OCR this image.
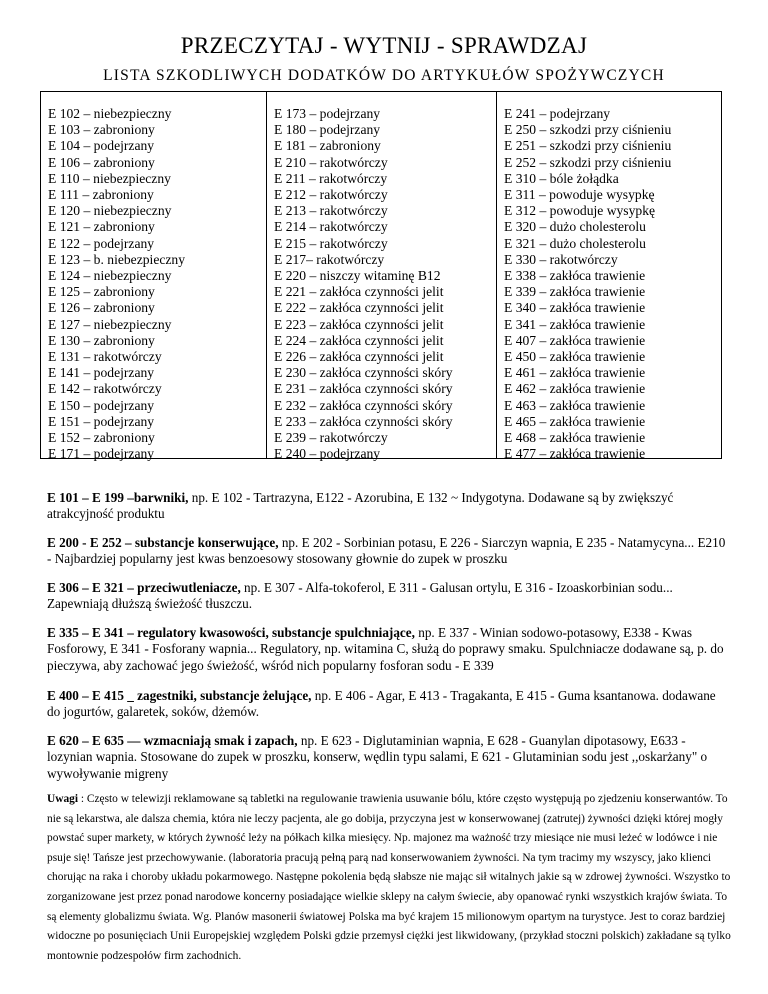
PRZECZYTAJ - WYTNIJ - SPRAWDZAJ
LISTA SZKODLIWYCH DODATKÓW DO ARTYKUŁÓW SPOŻYWCZYCH
E 102 – niebezpieczny
E 103 – zabroniony
E 104 – podejrzany
E 106 – zabroniony
E 110 – niebezpieczny
E 111 – zabroniony
E 120 – niebezpieczny
E 121 – zabroniony
E 122 – podejrzany
E 123 – b. niebezpieczny
E 124 – niebezpieczny
E 125 – zabroniony
E 126 – zabroniony
E 127 – niebezpieczny
E 130 – zabroniony
E 131 – rakotwórczy
E 141 – podejrzany
E 142 – rakotwórczy
E 150 – podejrzany
E 151 – podejrzany
E 152 – zabroniony
E 171 – podejrzany
E 173 – podejrzany
E 180 – podejrzany
E 181 – zabroniony
E 210 – rakotwórczy
E 211 – rakotwórczy
E 212 – rakotwórczy
E 213 – rakotwórczy
E 214 – rakotwórczy
E 215 – rakotwórczy
E 217– rakotwórczy
E 220 – niszczy witaminę B12
E 221 – zakłóca czynności jelit
E 222 – zakłóca czynności jelit
E 223 – zakłóca czynności jelit
E 224 – zakłóca czynności jelit
E 226 – zakłóca czynności jelit
E 230 – zakłóca czynności skóry
E 231 – zakłóca czynności skóry
E 232 – zakłóca czynności skóry
E 233 – zakłóca czynności skóry
E 239 – rakotwórczy
E 240 – podejrzany
E 241 – podejrzany
E 250 – szkodzi przy ciśnieniu
E 251 – szkodzi przy ciśnieniu
E 252 – szkodzi przy ciśnieniu
E 310 – bóle żołądka
E 311 – powoduje wysypkę
E 312 – powoduje wysypkę
E 320 – dużo cholesterolu
E 321 – dużo cholesterolu
E 330 – rakotwórczy
E 338 – zakłóca trawienie
E 339 – zakłóca trawienie
E 340 – zakłóca trawienie
E 341 – zakłóca trawienie
E 407 – zakłóca trawienie
E 450 – zakłóca trawienie
E 461 – zakłóca trawienie
E 462 – zakłóca trawienie
E 463 – zakłóca trawienie
E 465 – zakłóca trawienie
E 468 – zakłóca trawienie
E 477 – zakłóca trawienie
E 101 – E 199 –barwniki, np. E 102 - Tartrazyna, E122 - Azorubina, E 132 ~ Indygotyna. Dodawane są by zwiększyć atrakcyjność produktu
E 200 - E 252 – substancje konserwujące, np. E 202 - Sorbinian potasu, E 226 - Siarczyn wapnia, E 235 - Natamycyna... E210 - Najbardziej popularny jest kwas benzoesowy stosowany głownie do zupek w proszku
E 306 – E 321 – przeciwutleniacze, np. E 307 - Alfa-tokoferol, E 311 - Galusan ortylu, E 316 - Izoaskorbinian sodu... Zapewniają dłuższą świeżość tłuszczu.
E 335 – E 341 – regulatory kwasowości, substancje spulchniające, np. E 337 - Winian sodowo-potasowy, E338 - Kwas Fosforowy, E 341 - Fosforany wapnia... Regulatory, np. witamina C, służą do poprawy smaku. Spulchniacze dodawane są, p. do pieczywa, aby zachować jego świeżość, wśród nich popularny fosforan sodu - E 339
E 400 – E 415 _ zagestniki, substancje żelujące, np. E 406 - Agar, E 413 - Tragakanta, E 415 - Guma ksantanowa. dodawane do jogurtów, galaretek, soków, dżemów.
E 620 – E 635 — wzmacniają smak i zapach, np. E 623 - Diglutaminian wapnia, E 628 - Guanylan dipotasowy, E633 -lozynian wapnia. Stosowane do zupek w proszku, konserw, wędlin typu salami, E 621 - Glutaminian sodu jest ,,oskarżany" o wywoływanie migreny
Uwagi : Często w telewizji reklamowane są tabletki na regulowanie trawienia usuwanie bólu, które często występują po zjedzeniu konserwantów. To nie są lekarstwa, ale dalsza chemia, która nie leczy pacjenta, ale go dobija, przyczyna jest w konserwowanej (zatrutej) żywności dzięki której mogły powstać super markety, w których żywność leży na półkach kilka miesięcy. Np. majonez ma ważność trzy miesiące nie musi leżeć w lodówce i nie psuje się! Tańsze jest przechowywanie. (laboratoria pracują pełną parą nad konserwowaniem żywności. Na tym tracimy my wszyscy, jako klienci chorując na raka i choroby układu pokarmowego. Następne pokolenia będą słabsze nie mając sił witalnych jakie są w zdrowej żywności. Wszystko to zorganizowane jest przez ponad narodowe koncerny posiadające wielkie sklepy na całym świecie, aby opanować rynki wszystkich krajów świata. To są elementy globalizmu świata. Wg. Planów masonerii światowej Polska ma być krajem 15 milionowym opartym na turystyce. Jest to coraz bardziej widoczne po posunięciach Unii Europejskiej względem Polski gdzie przemysł ciężki jest likwidowany, (przykład stoczni polskich) zakładane są tylko montownie podzespołów firm zachodnich.
